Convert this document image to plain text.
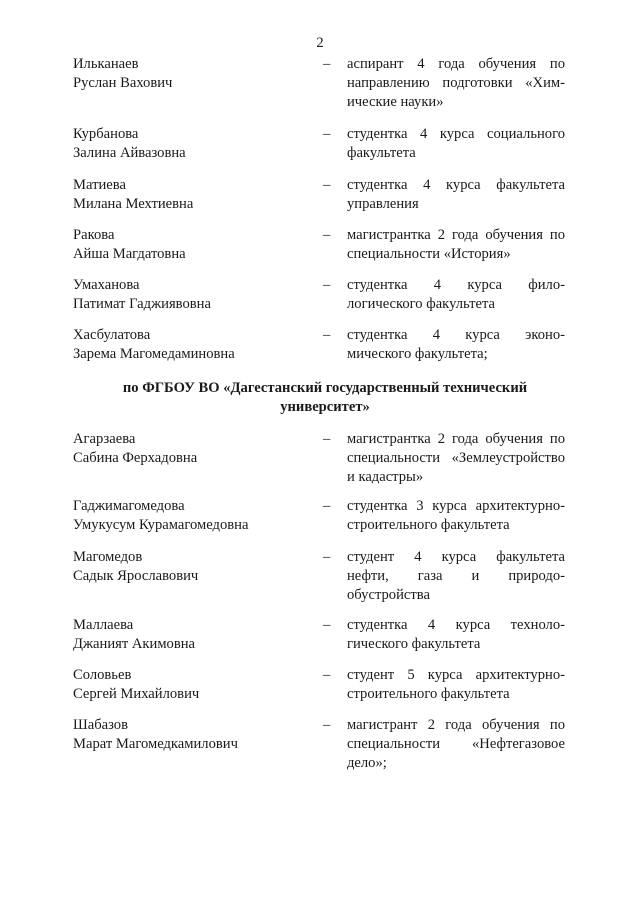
2
Ильканаев
Руслан Вахович
– аспирант 4 года обучения по
направлению подготовки «Хим-
ические науки»
Курбанова
Залина Айвазовна
– студентка 4 курса социального
факультета
Матиева
Милана Мехтиевна
– студентка 4 курса факультета
управления
Ракова
Айша Магдатовна
– магистрантка 2 года обучения по
специальности «История»
Умаханова
Патимат Гаджиявовна
– студентка 4 курса фило-
логического факультета
Хасбулатова
Зарема Магомедаминовна
– студентка 4 курса эконо-
мического факультета;
по ФГБОУ ВО «Дагестанский государственный технический
университет»
Агарзаева
Сабина Ферхадовна
– магистрантка 2 года обучения по
специальности «Землеустройство
и кадастры»
Гаджимагомедова
Умукусум Курамагомедовна
– студентка 3 курса архитектурно-
строительного факультета
Магомедов
Садык Ярославович
– студент 4 курса факультета
нефти, газа и природо-
обустройства
Маллаева
Джаният Акимовна
– студентка 4 курса техноло-
гического факультета
Соловьев
Сергей Михайлович
– студент 5 курса архитектурно-
строительного факультета
Шабазов
Марат Магомедкамилович
– магистрант 2 года обучения по
специальности «Нефтегазовое
дело»;
